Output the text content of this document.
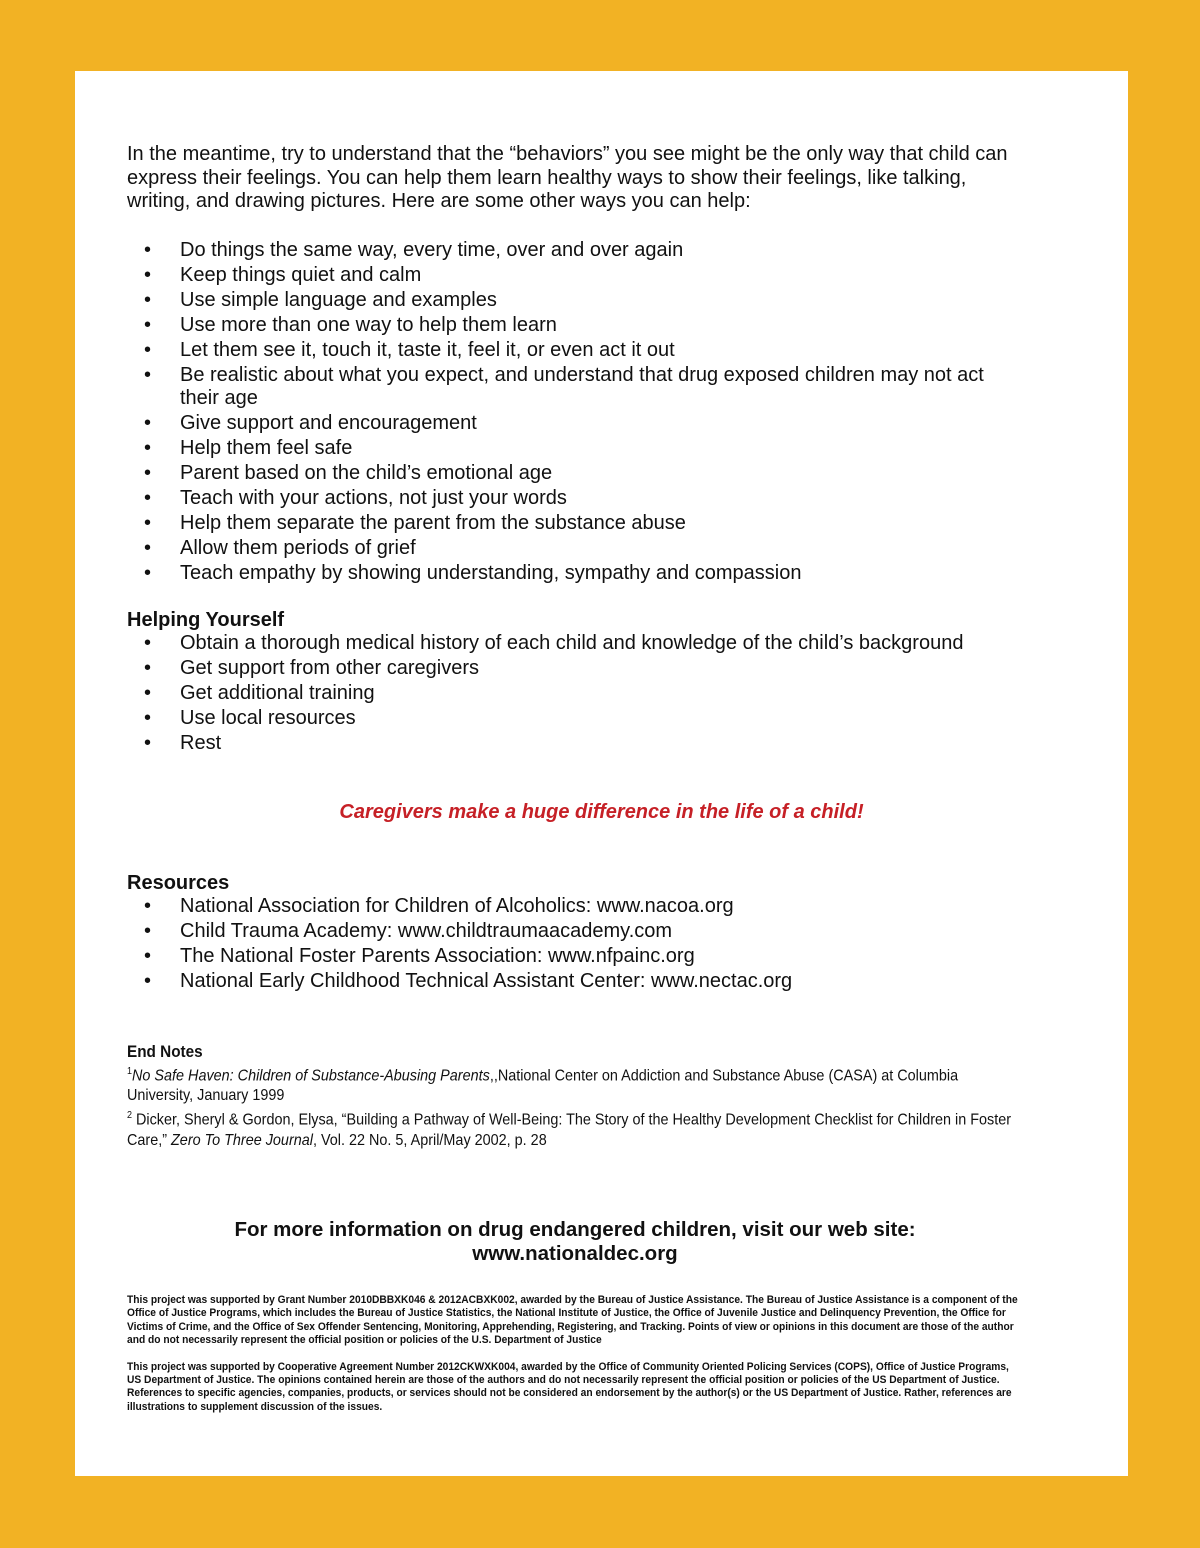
In the meantime, try to understand that the “behaviors” you see might be the only way that child can express their feelings. You can help them learn healthy ways to show their feelings, like talking, writing, and drawing pictures. Here are some other ways you can help:

• Do things the same way, every time, over and over again
• Keep things quiet and calm
• Use simple language and examples
• Use more than one way to help them learn
• Let them see it, touch it, taste it, feel it, or even act it out
• Be realistic about what you expect, and understand that drug exposed children may not act their age
• Give support and encouragement
• Help them feel safe
• Parent based on the child’s emotional age
• Teach with your actions, not just your words
• Help them separate the parent from the substance abuse
• Allow them periods of grief
• Teach empathy by showing understanding, sympathy and compassion
Helping Yourself
• Obtain a thorough medical history of each child and knowledge of the child’s background
• Get support from other caregivers
• Get additional training
• Use local resources
• Rest
Caregivers make a huge difference in the life of a child!
Resources
• National Association for Children of Alcoholics: www.nacoa.org
• Child Trauma Academy: www.childtraumaacademy.com
• The National Foster Parents Association: www.nfpainc.org
• National Early Childhood Technical Assistant Center: www.nectac.org
End Notes

$^1$No Safe Haven: Children of Substance-Abusing Parents,,National Center on Addiction and Substance Abuse (CASA) at Columbia University, January 1999

$^2$ Dicker, Sheryl & Gordon, Elysa, “Building a Pathway of Well-Being: The Story of the Healthy Development Checklist for Children in Foster Care,” Zero To Three Journal, Vol. 22 No. 5, April/May 2002, p. 28

For more information on drug endangered children, visit our web site:
www.nationaldec.org

This project was supported by Grant Number 2010DBBXK046 & 2012ACBXK002, awarded by the Bureau of Justice Assistance. The Bureau of Justice Assistance is a component of the Office of Justice Programs, which includes the Bureau of Justice Statistics, the National Institute of Justice, the Office of Juvenile Justice and Delinquency Prevention, the Office for Victims of Crime, and the Office of Sex Offender Sentencing, Monitoring, Apprehending, Registering, and Tracking. Points of view or opinions in this document are those of the author and do not necessarily represent the official position or policies of the U.S. Department of Justice

This project was supported by Cooperative Agreement Number 2012CKWXK004, awarded by the Office of Community Oriented Policing Services (COPS), Office of Justice Programs, US Department of Justice. The opinions contained herein are those of the authors and do not necessarily represent the official position or policies of the US Department of Justice. References to specific agencies, companies, products, or services should not be considered an endorsement by the author(s) or the US Department of Justice. Rather, references are illustrations to supplement discussion of the issues.
